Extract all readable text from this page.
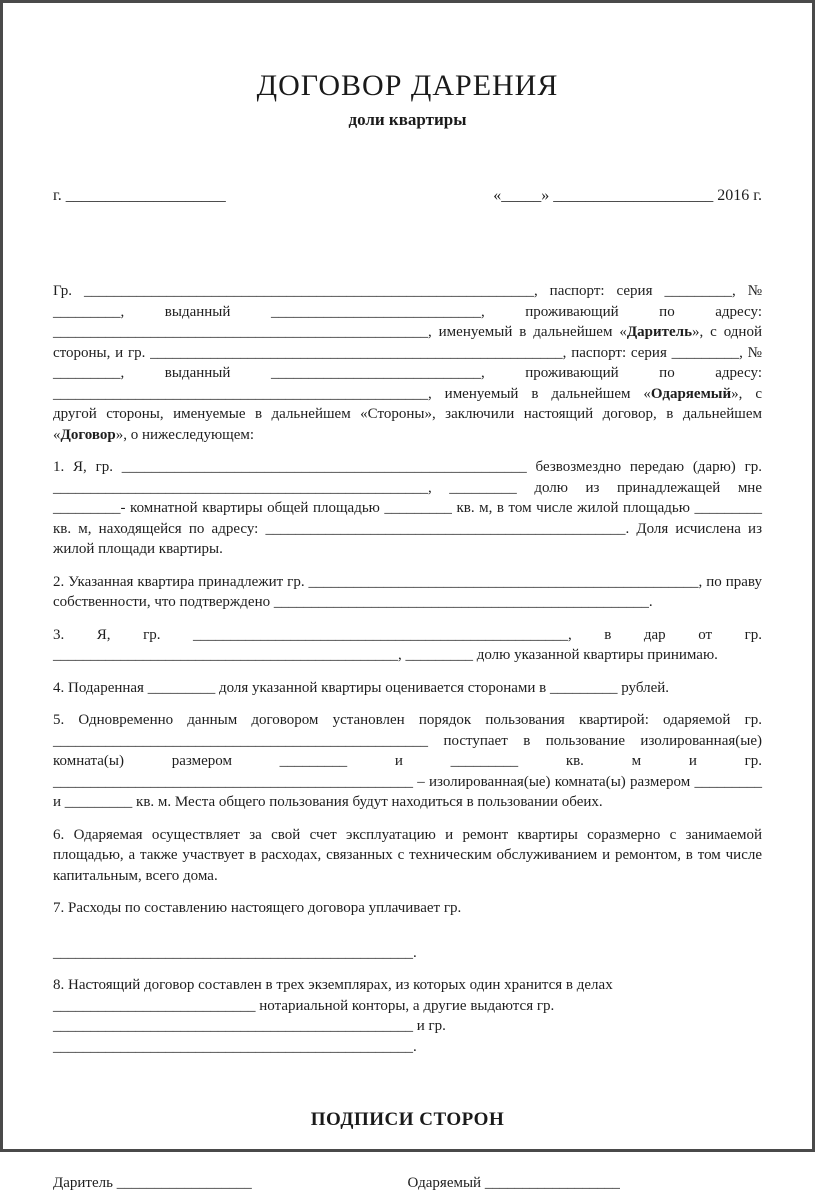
ДОГОВОР ДАРЕНИЯ
доли квартиры
г. ____________________	«_____» ____________________ 2016 г.

Гр. ____________________________________________________________, паспорт: серия _________, № _________, выданный ____________________________, проживающий по адресу: __________________________________________________, именуемый в дальнейшем «Даритель», с одной стороны, и гр. _______________________________________________________, паспорт: серия _________, № _________, выданный ____________________________, проживающий по адресу: __________________________________________________, именуемый в дальнейшем «Одаряемый», с другой стороны, именуемые в дальнейшем «Стороны», заключили настоящий договор, в дальнейшем «Договор», о нижеследующем:

1. Я, гр. ______________________________________________________ безвозмездно передаю (дарю) гр. __________________________________________________, _________ долю из принадлежащей мне _________- комнатной квартиры общей площадью _________ кв. м, в том числе жилой площадью _________ кв. м, находящейся по адресу: ________________________________________________. Доля исчислена из жилой площади квартиры.

2. Указанная квартира принадлежит гр. ____________________________________________________, по праву собственности, что подтверждено __________________________________________________.

3. Я, гр. __________________________________________________, в дар от гр. ______________________________________________, _________ долю указанной квартиры принимаю.

4. Подаренная _________ доля указанной квартиры оценивается сторонами в _________ рублей.

5. Одновременно данным договором установлен порядок пользования квартирой: одаряемой гр. __________________________________________________ поступает в пользование изолированная(ые) комната(ы) размером _________ и _________ кв. м и гр. ________________________________________________ – изолированная(ые) комната(ы) размером _________ и _________ кв. м. Места общего пользования будут находиться в пользовании обеих.

6. Одаряемая осуществляет за свой счет эксплуатацию и ремонт квартиры соразмерно с занимаемой площадью, а также участвует в расходах, связанных с техническим обслуживанием и ремонтом, в том числе капитальным, всего дома.

7. Расходы по составлению настоящего договора уплачивает гр.

________________________________________________.

8. Настоящий договор составлен в трех экземплярах, из которых один хранится в делах
___________________________ нотариальной конторы, а другие выдаются гр.
________________________________________________ и гр.
________________________________________________.

ПОДПИСИ СТОРОН
Даритель __________________	Одаряемый __________________
